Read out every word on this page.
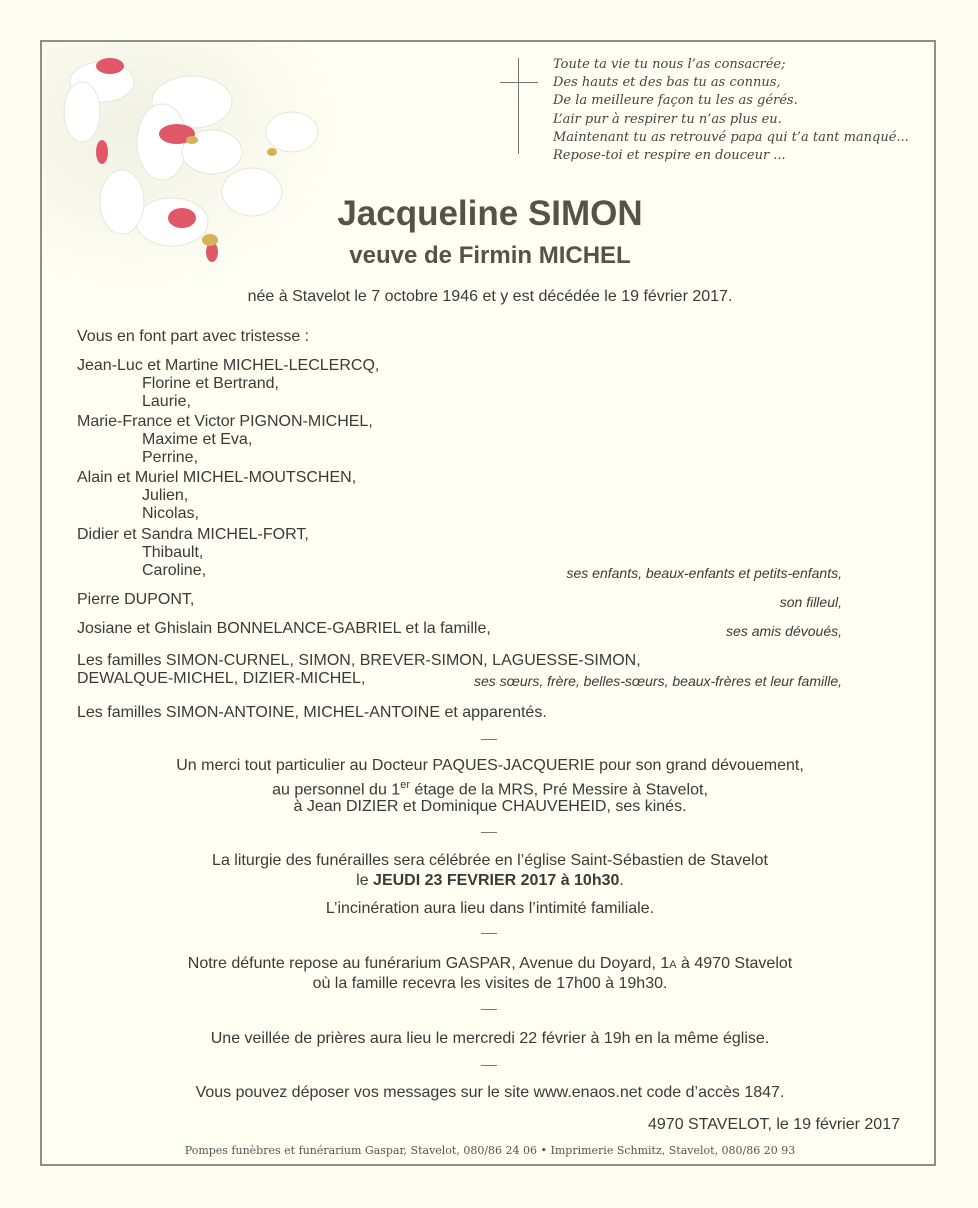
Toute ta vie tu nous l’as consacrée;
Des hauts et des bas tu as connus,
De la meilleure façon tu les as gérés.
L’air pur à respirer tu n’as plus eu.
Maintenant tu as retrouvé papa qui t’a tant manqué...
Repose-toi et respire en douceur ...
Jacqueline SIMON
veuve de Firmin MICHEL
née à Stavelot le 7 octobre 1946 et y est décédée le 19 février 2017.
Vous en font part avec tristesse :
Jean-Luc et Martine MICHEL-LECLERCQ,
Florine et Bertrand,
Laurie,
Marie-France et Victor PIGNON-MICHEL,
Maxime et Eva,
Perrine,
Alain et Muriel MICHEL-MOUTSCHEN,
Julien,
Nicolas,
Didier et Sandra MICHEL-FORT,
Thibault,
Caroline,	ses enfants, beaux-enfants et petits-enfants,
Pierre DUPONT,	son filleul,
Josiane et Ghislain BONNELANCE-GABRIEL et la famille,	ses amis dévoués,
Les familles SIMON-CURNEL, SIMON, BREVER-SIMON, LAGUESSE-SIMON,
DEWALQUE-MICHEL, DIZIER-MICHEL,	ses sœurs, frère, belles-sœurs, beaux-frères et leur famille,
Les familles SIMON-ANTOINE, MICHEL-ANTOINE et apparentés.
Un merci tout particulier au Docteur PAQUES-JACQUERIE pour son grand dévouement,
au personnel du 1er étage de la MRS, Pré Messire à Stavelot,
à Jean DIZIER et Dominique CHAUVEHEID, ses kinés.
La liturgie des funérailles sera célébrée en l’église Saint-Sébastien de Stavelot
le JEUDI 23 FEVRIER 2017 à 10h30.
L’incinération aura lieu dans l’intimité familiale.
Notre défunte repose au funérarium GASPAR, Avenue du Doyard, 1A à 4970 Stavelot
où la famille recevra les visites de 17h00 à 19h30.
Une veillée de prières aura lieu le mercredi 22 février à 19h en la même église.
Vous pouvez déposer vos messages sur le site www.enaos.net code d’accès 1847.
4970 STAVELOT, le 19 février 2017
Pompes funèbres et funérarium Gaspar, Stavelot, 080/86 24 06 • Imprimerie Schmitz, Stavelot, 080/86 20 93
